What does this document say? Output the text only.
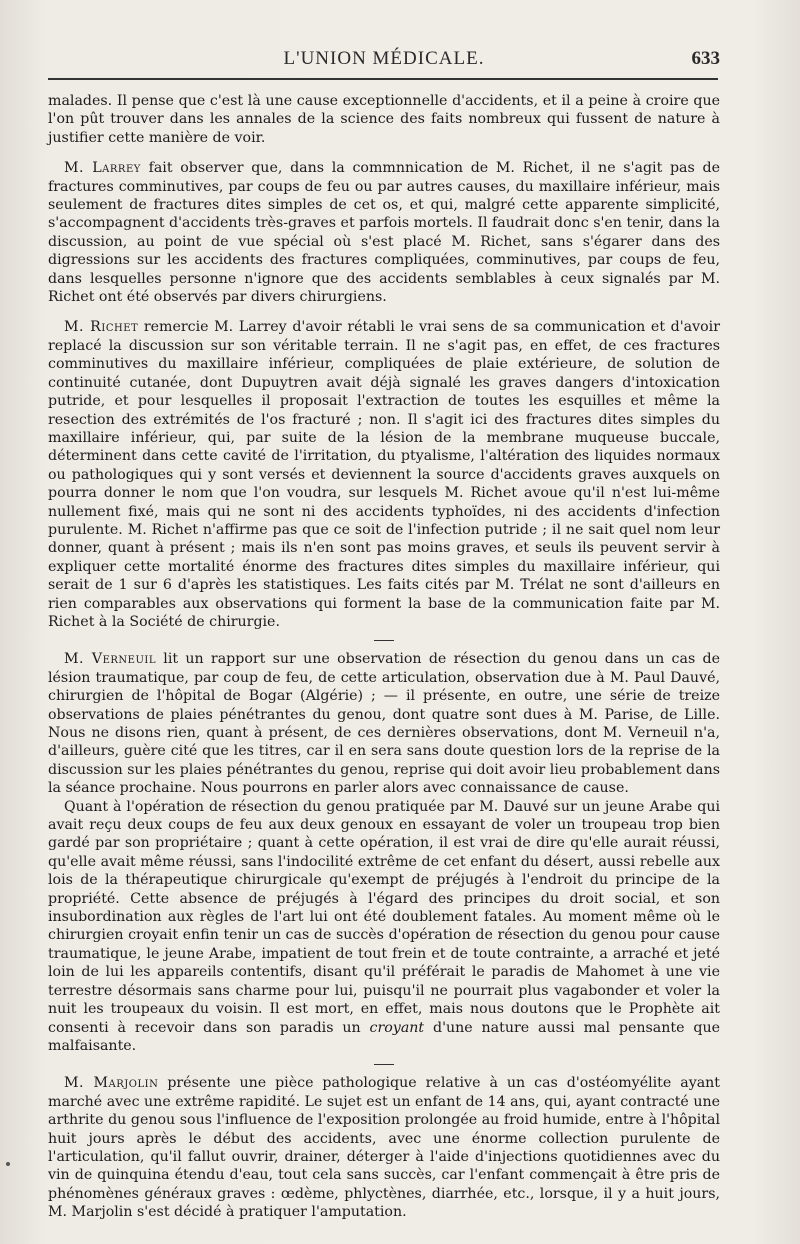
L'UNION MÉDICALE.	633

malades. Il pense que c'est là une cause exceptionnelle d'accidents, et il a peine à croire que l'on pût trouver dans les annales de la science des faits nombreux qui fussent de nature à justifier cette manière de voir.

M. Larrey fait observer que, dans la commnnication de M. Richet, il ne s'agit pas de fractures comminutives, par coups de feu ou par autres causes, du maxillaire inférieur, mais seulement de fractures dites simples de cet os, et qui, malgré cette apparente simplicité, s'accompagnent d'accidents très-graves et parfois mortels. Il faudrait donc s'en tenir, dans la discussion, au point de vue spécial où s'est placé M. Richet, sans s'égarer dans des digressions sur les accidents des fractures compliquées, comminutives, par coups de feu, dans lesquelles personne n'ignore que des accidents semblables à ceux signalés par M. Richet ont été observés par divers chirurgiens.

M. Richet remercie M. Larrey d'avoir rétabli le vrai sens de sa communication et d'avoir replacé la discussion sur son véritable terrain. Il ne s'agit pas, en effet, de ces fractures comminutives du maxillaire inférieur, compliquées de plaie extérieure, de solution de continuité cutanée, dont Dupuytren avait déjà signalé les graves dangers d'intoxication putride, et pour lesquelles il proposait l'extraction de toutes les esquilles et même la resection des extrémités de l'os fracturé ; non. Il s'agit ici des fractures dites simples du maxillaire inférieur, qui, par suite de la lésion de la membrane muqueuse buccale, déterminent dans cette cavité de l'irritation, du ptyalisme, l'altération des liquides normaux ou pathologiques qui y sont versés et deviennent la source d'accidents graves auxquels on pourra donner le nom que l'on voudra, sur lesquels M. Richet avoue qu'il n'est lui-même nullement fixé, mais qui ne sont ni des accidents typhoïdes, ni des accidents d'infection purulente. M. Richet n'affirme pas que ce soit de l'infection putride ; il ne sait quel nom leur donner, quant à présent ; mais ils n'en sont pas moins graves, et seuls ils peuvent servir à expliquer cette mortalité énorme des fractures dites simples du maxillaire inférieur, qui serait de 1 sur 6 d'après les statistiques. Les faits cités par M. Trélat ne sont d'ailleurs en rien comparables aux observations qui forment la base de la communication faite par M. Richet à la Société de chirurgie.

M. Verneuil lit un rapport sur une observation de résection du genou dans un cas de lésion traumatique, par coup de feu, de cette articulation, observation due à M. Paul Dauvé, chirurgien de l'hôpital de Bogar (Algérie) ; — il présente, en outre, une série de treize observations de plaies pénétrantes du genou, dont quatre sont dues à M. Parise, de Lille. Nous ne disons rien, quant à présent, de ces dernières observations, dont M. Verneuil n'a, d'ailleurs, guère cité que les titres, car il en sera sans doute question lors de la reprise de la discussion sur les plaies pénétrantes du genou, reprise qui doit avoir lieu probablement dans la séance prochaine. Nous pourrons en parler alors avec connaissance de cause.

Quant à l'opération de résection du genou pratiquée par M. Dauvé sur un jeune Arabe qui avait reçu deux coups de feu aux deux genoux en essayant de voler un troupeau trop bien gardé par son propriétaire ; quant à cette opération, il est vrai de dire qu'elle aurait réussi, qu'elle avait même réussi, sans l'indocilité extrême de cet enfant du désert, aussi rebelle aux lois de la thérapeutique chirurgicale qu'exempt de préjugés à l'endroit du principe de la propriété. Cette absence de préjugés à l'égard des principes du droit social, et son insubordination aux règles de l'art lui ont été doublement fatales. Au moment même où le chirurgien croyait enfin tenir un cas de succès d'opération de résection du genou pour cause traumatique, le jeune Arabe, impatient de tout frein et de toute contrainte, a arraché et jeté loin de lui les appareils contentifs, disant qu'il préférait le paradis de Mahomet à une vie terrestre désormais sans charme pour lui, puisqu'il ne pourrait plus vagabonder et voler la nuit les troupeaux du voisin. Il est mort, en effet, mais nous doutons que le Prophète ait consenti à recevoir dans son paradis un croyant d'une nature aussi mal pensante que malfaisante.

M. Marjolin présente une pièce pathologique relative à un cas d'ostéomyélite ayant marché avec une extrême rapidité. Le sujet est un enfant de 14 ans, qui, ayant contracté une arthrite du genou sous l'influence de l'exposition prolongée au froid humide, entre à l'hôpital huit jours après le début des accidents, avec une énorme collection purulente de l'articulation, qu'il fallut ouvrir, drainer, déterger à l'aide d'injections quotidiennes avec du vin de quinquina étendu d'eau, tout cela sans succès, car l'enfant commençait à être pris de phénomènes généraux graves : œdème, phlyctènes, diarrhée, etc., lorsque, il y a huit jours, M. Marjolin s'est décidé à pratiquer l'amputation.
